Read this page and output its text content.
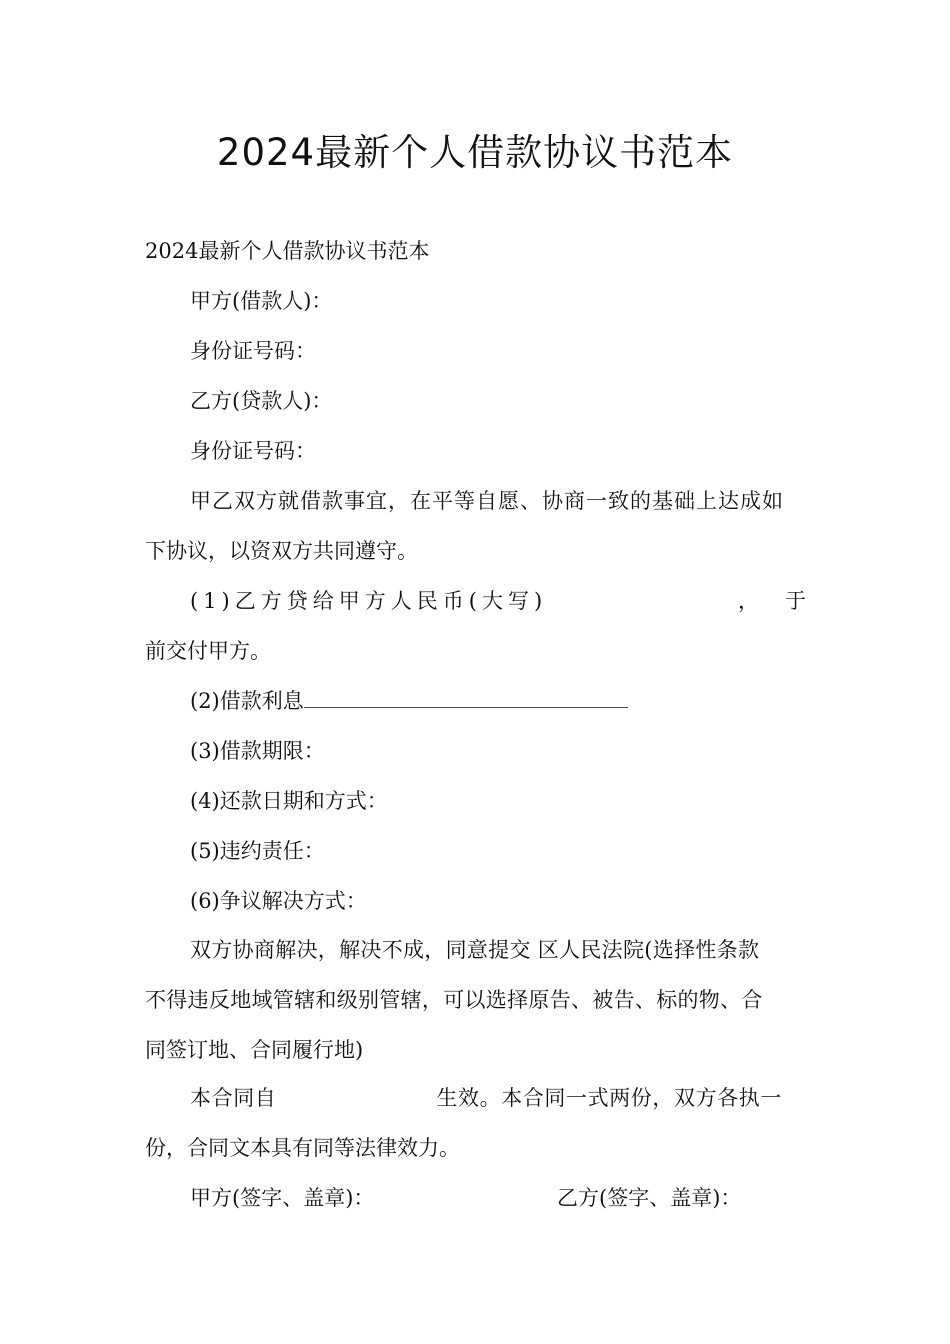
2024最新个人借款协议书范本
2024最新个人借款协议书范本
甲方(借款人)：
身份证号码：
乙方(贷款人)：
身份证号码：
甲乙双方就借款事宜，在平等自愿、协商一致的基础上达成如
下协议，以资双方共同遵守。
(1)乙方贷给甲方人民币(大写)	， 于
前交付甲方。
(2)借款利息
(3)借款期限：
(4)还款日期和方式：
(5)违约责任：
(6)争议解决方式：
双方协商解决，解决不成，同意提交 区人民法院(选择性条款
不得违反地域管辖和级别管辖，可以选择原告、被告、标的物、合
同签订地、合同履行地)
本合同自	生效。本合同一式两份，双方各执一
份，合同文本具有同等法律效力。
甲方(签字、盖章)：	乙方(签字、盖章)：
